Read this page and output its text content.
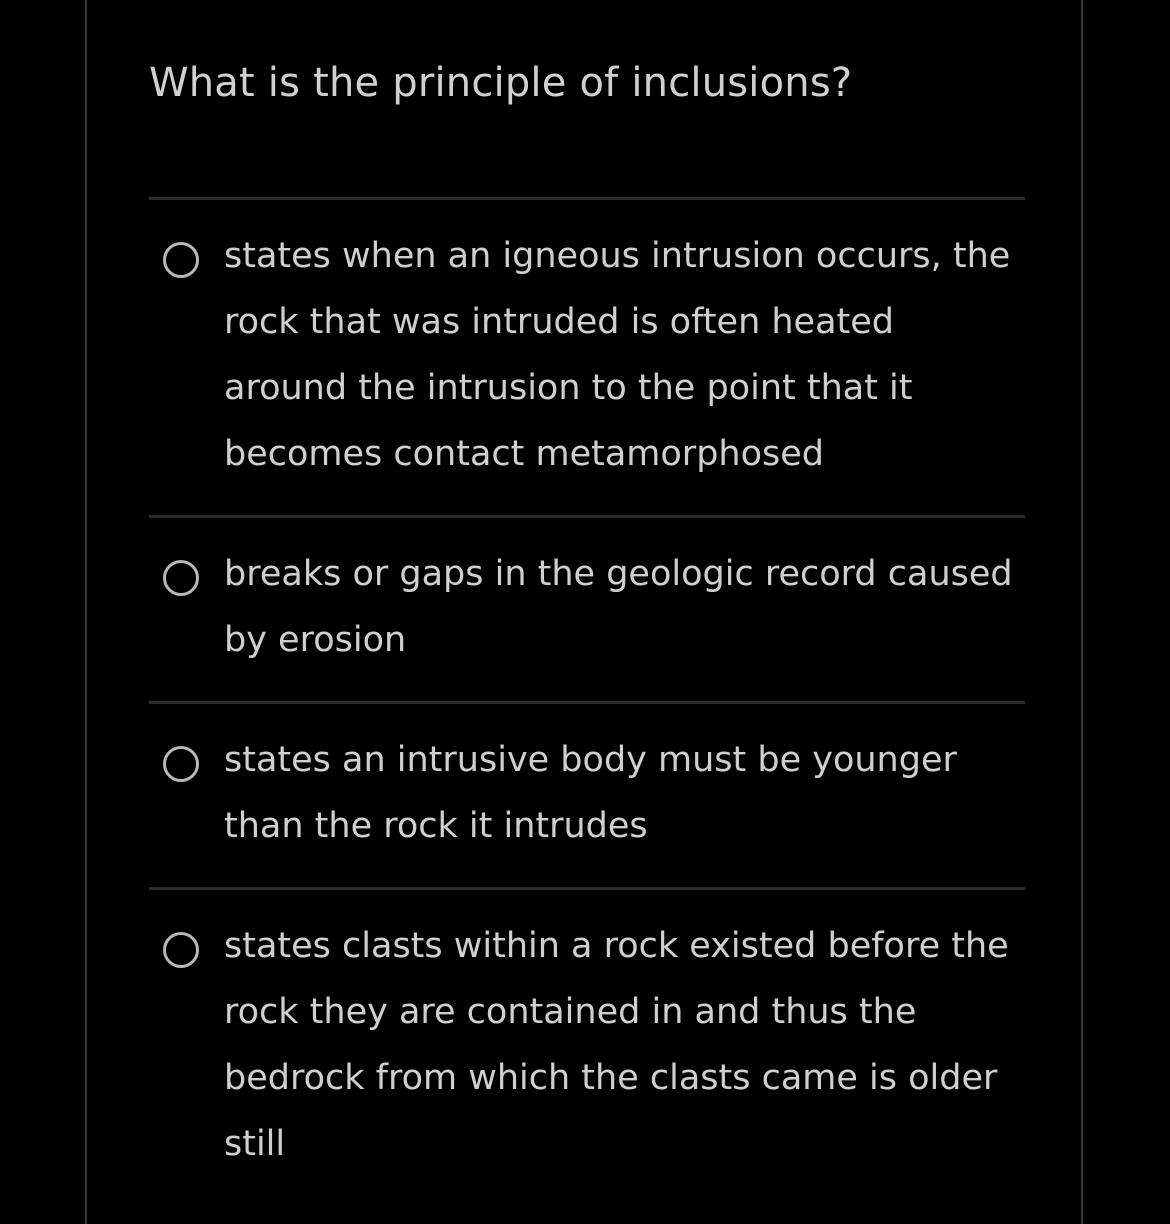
What is the principle of inclusions?
states when an igneous intrusion occurs, the rock that was intruded is often heated around the intrusion to the point that it becomes contact metamorphosed
breaks or gaps in the geologic record caused by erosion
states an intrusive body must be younger than the rock it intrudes
states clasts within a rock existed before the rock they are contained in and thus the bedrock from which the clasts came is older still
